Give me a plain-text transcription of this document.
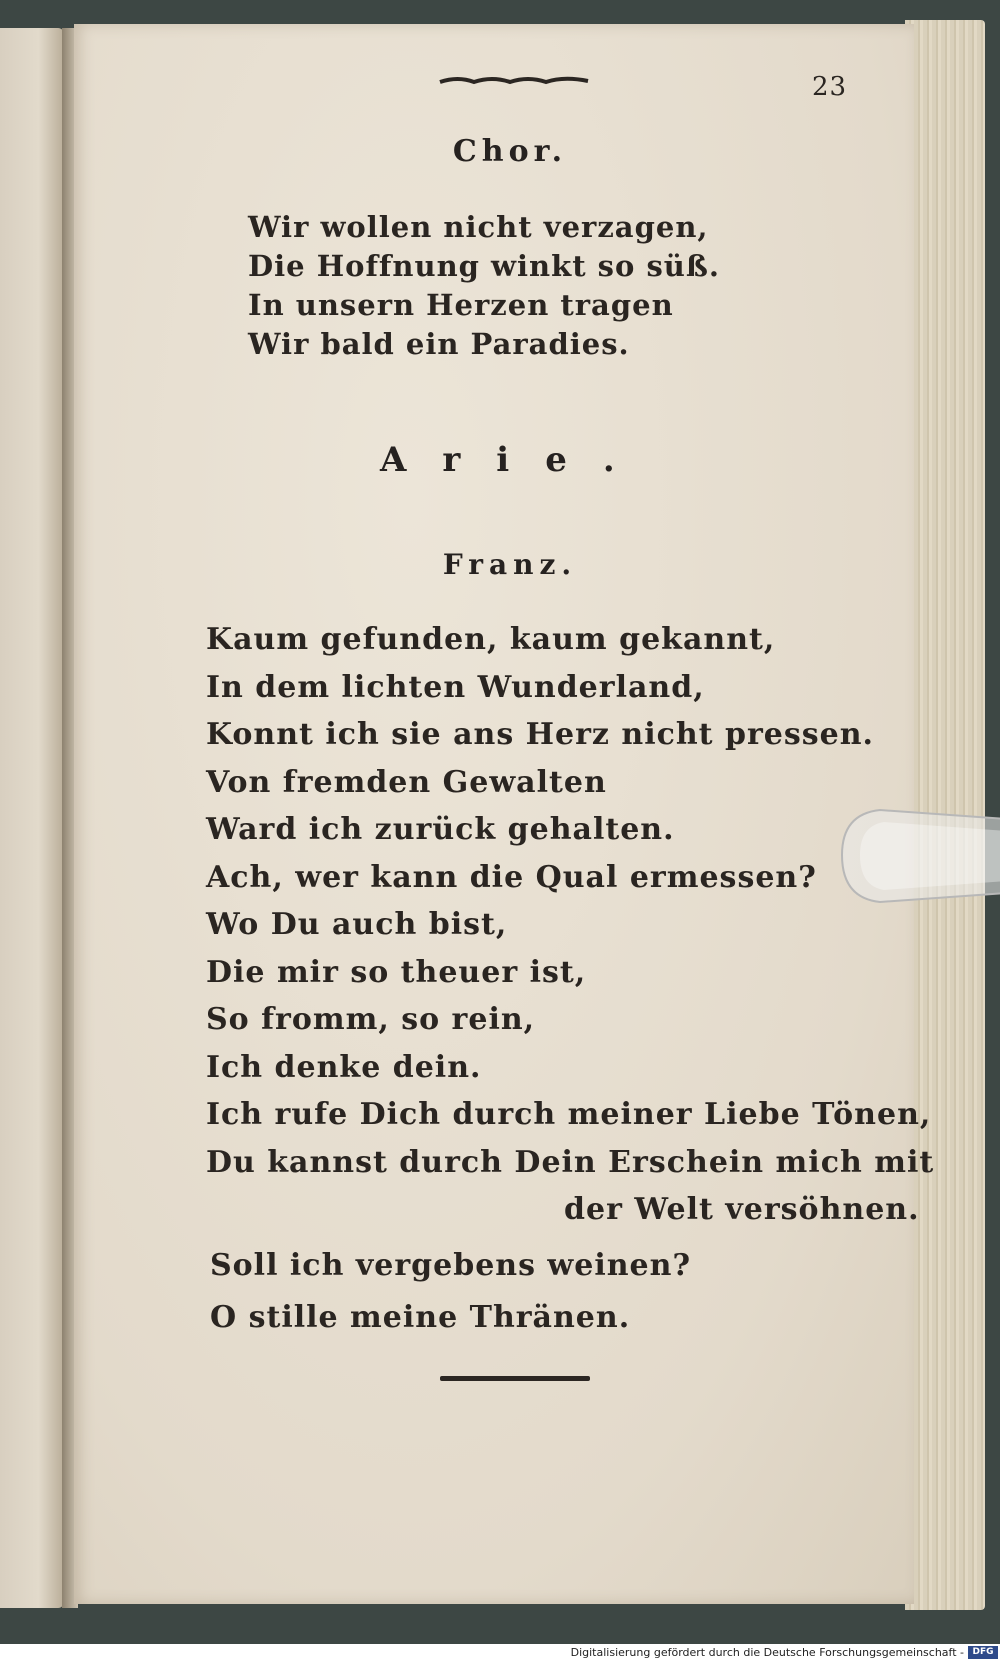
23

Chor.
Wir wollen nicht verzagen,
Die Hoffnung winkt so süß.
In unsern Herzen tragen
Wir bald ein Paradies.
Arie.
Franz.
Kaum gefunden, kaum gekannt,
In dem lichten Wunderland,
Konnt ich sie ans Herz nicht pressen.
Von fremden Gewalten
Ward ich zurück gehalten.
Ach, wer kann die Qual ermessen?
Wo Du auch bist,
Die mir so theuer ist,
So fromm, so rein,
Ich denke dein.
Ich rufe Dich durch meiner Liebe Tönen,
Du kannst durch Dein Erschein mich mit
der Welt versöhnen.
Soll ich vergebens weinen?
O stille meine Thränen.

Digitalisierung gefördert durch die Deutsche Forschungsgemeinschaft - DFG
